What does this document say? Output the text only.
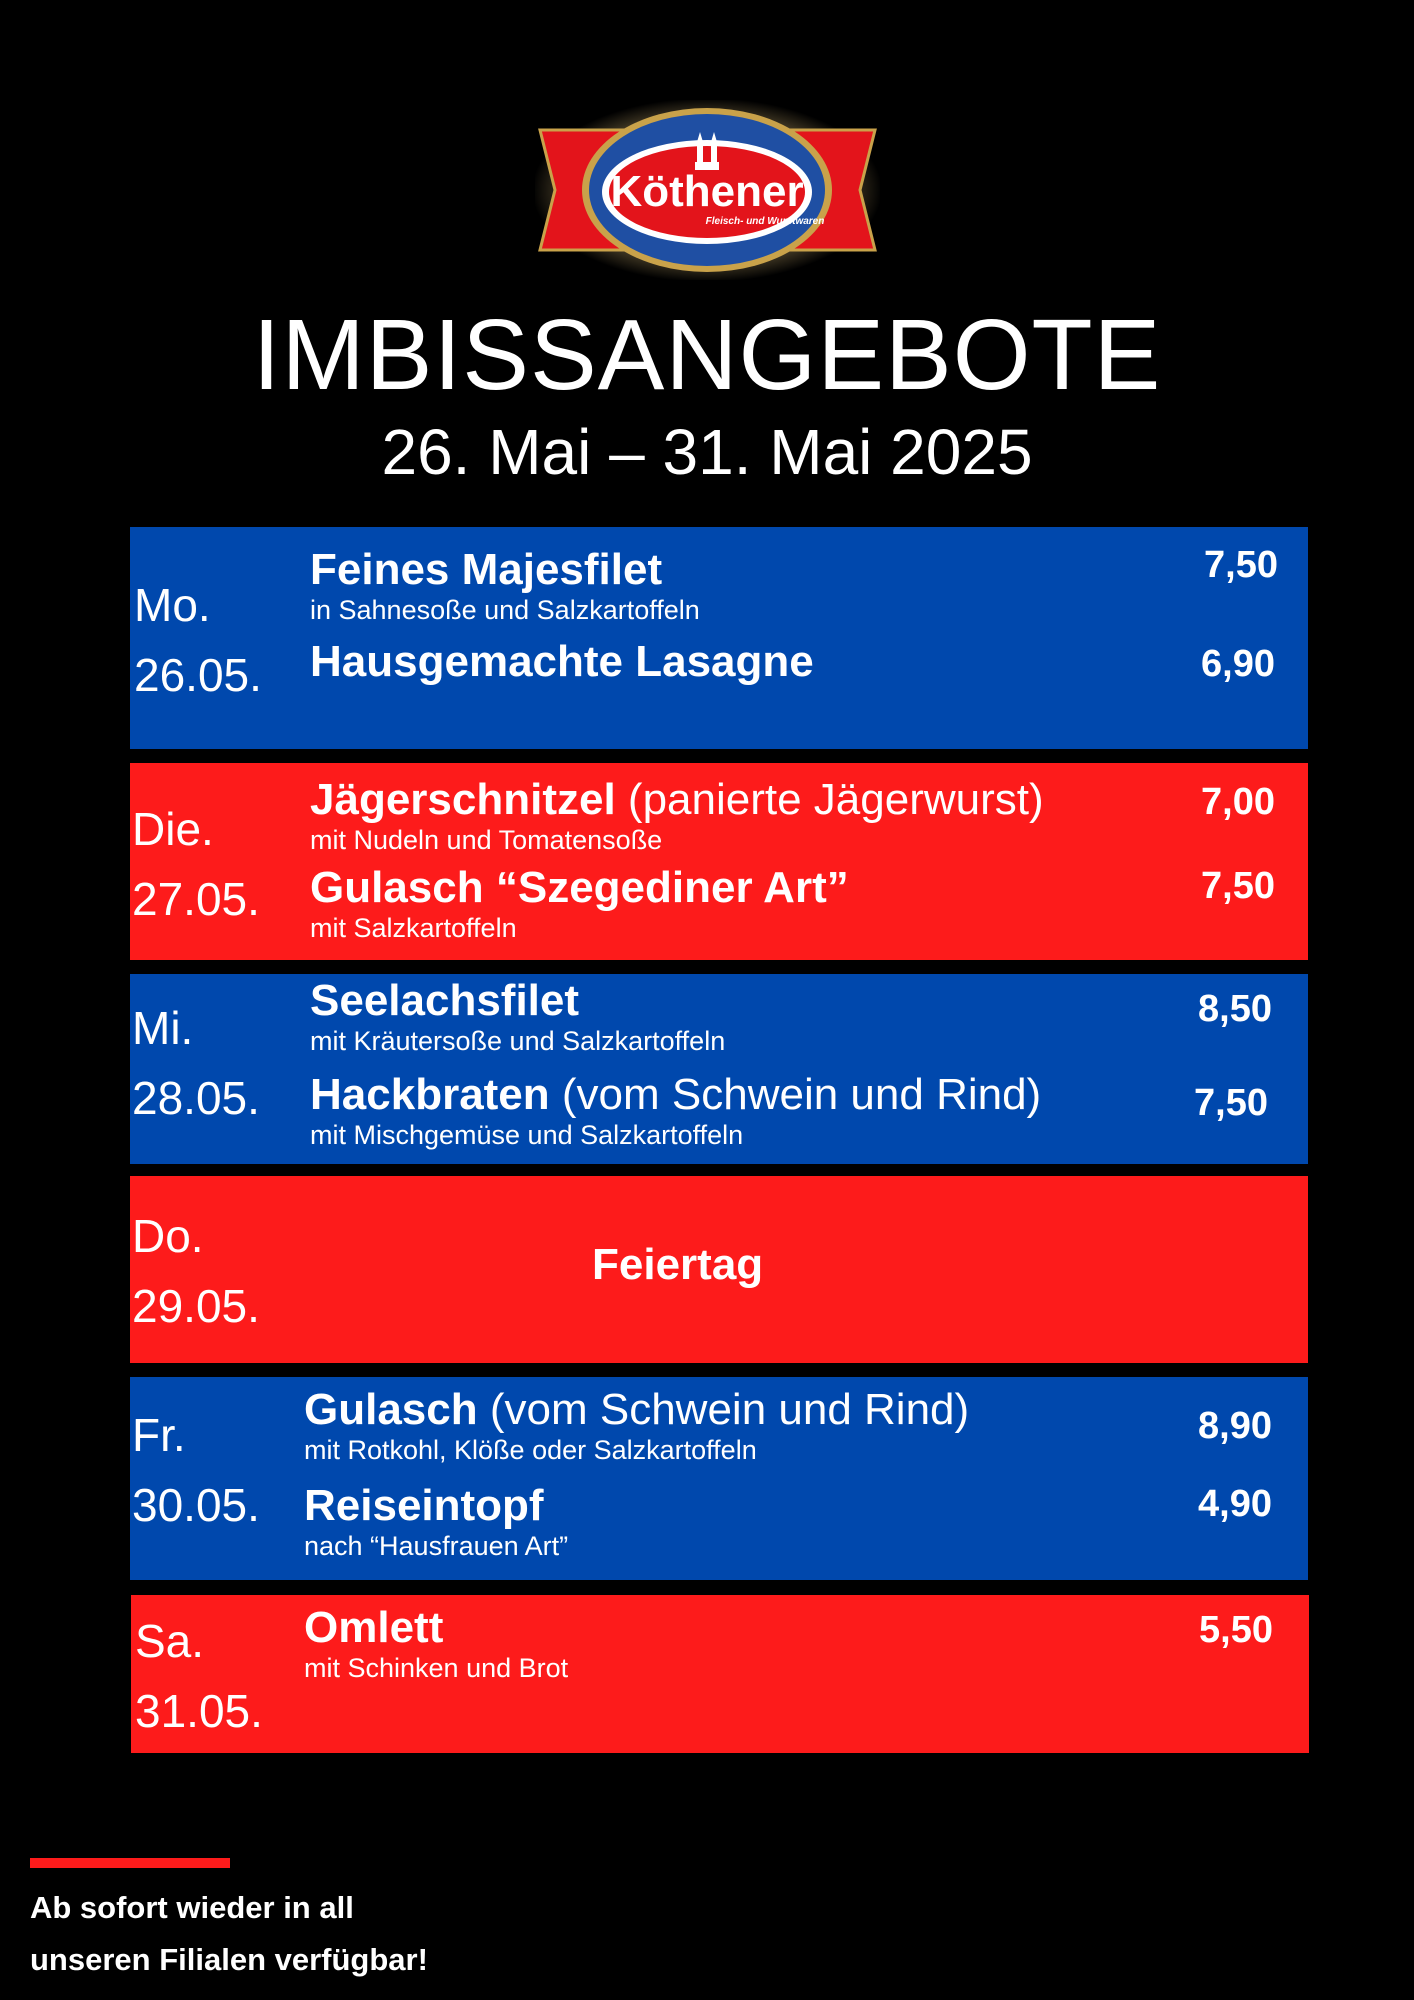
Köthener
Fleisch- und Wurstwaren
IMBISSANGEBOTE
26. Mai – 31. Mai 2025
Mo.
26.05.
Feines Majesfilet
in Sahnesoße und Salzkartoffeln
7,50
Hausgemachte Lasagne	6,90
Die.
27.05.
Jägerschnitzel (panierte Jägerwurst)
mit Nudeln und Tomatensoße
7,00
Gulasch “Szegediner Art”
mit Salzkartoffeln
7,50
Mi.
28.05.
Seelachsfilet
mit Kräutersoße und Salzkartoffeln
8,50
Hackbraten (vom Schwein und Rind)
mit Mischgemüse und Salzkartoffeln
7,50
Do.
29.05.
Feiertag
Fr.
30.05.
Gulasch (vom Schwein und Rind)
mit Rotkohl, Klöße oder Salzkartoffeln
8,90
Reiseintopf
nach “Hausfrauen Art”
4,90
Sa.
31.05.
Omlett
mit Schinken und Brot
5,50
Ab sofort wieder in all
unseren Filialen verfügbar!
